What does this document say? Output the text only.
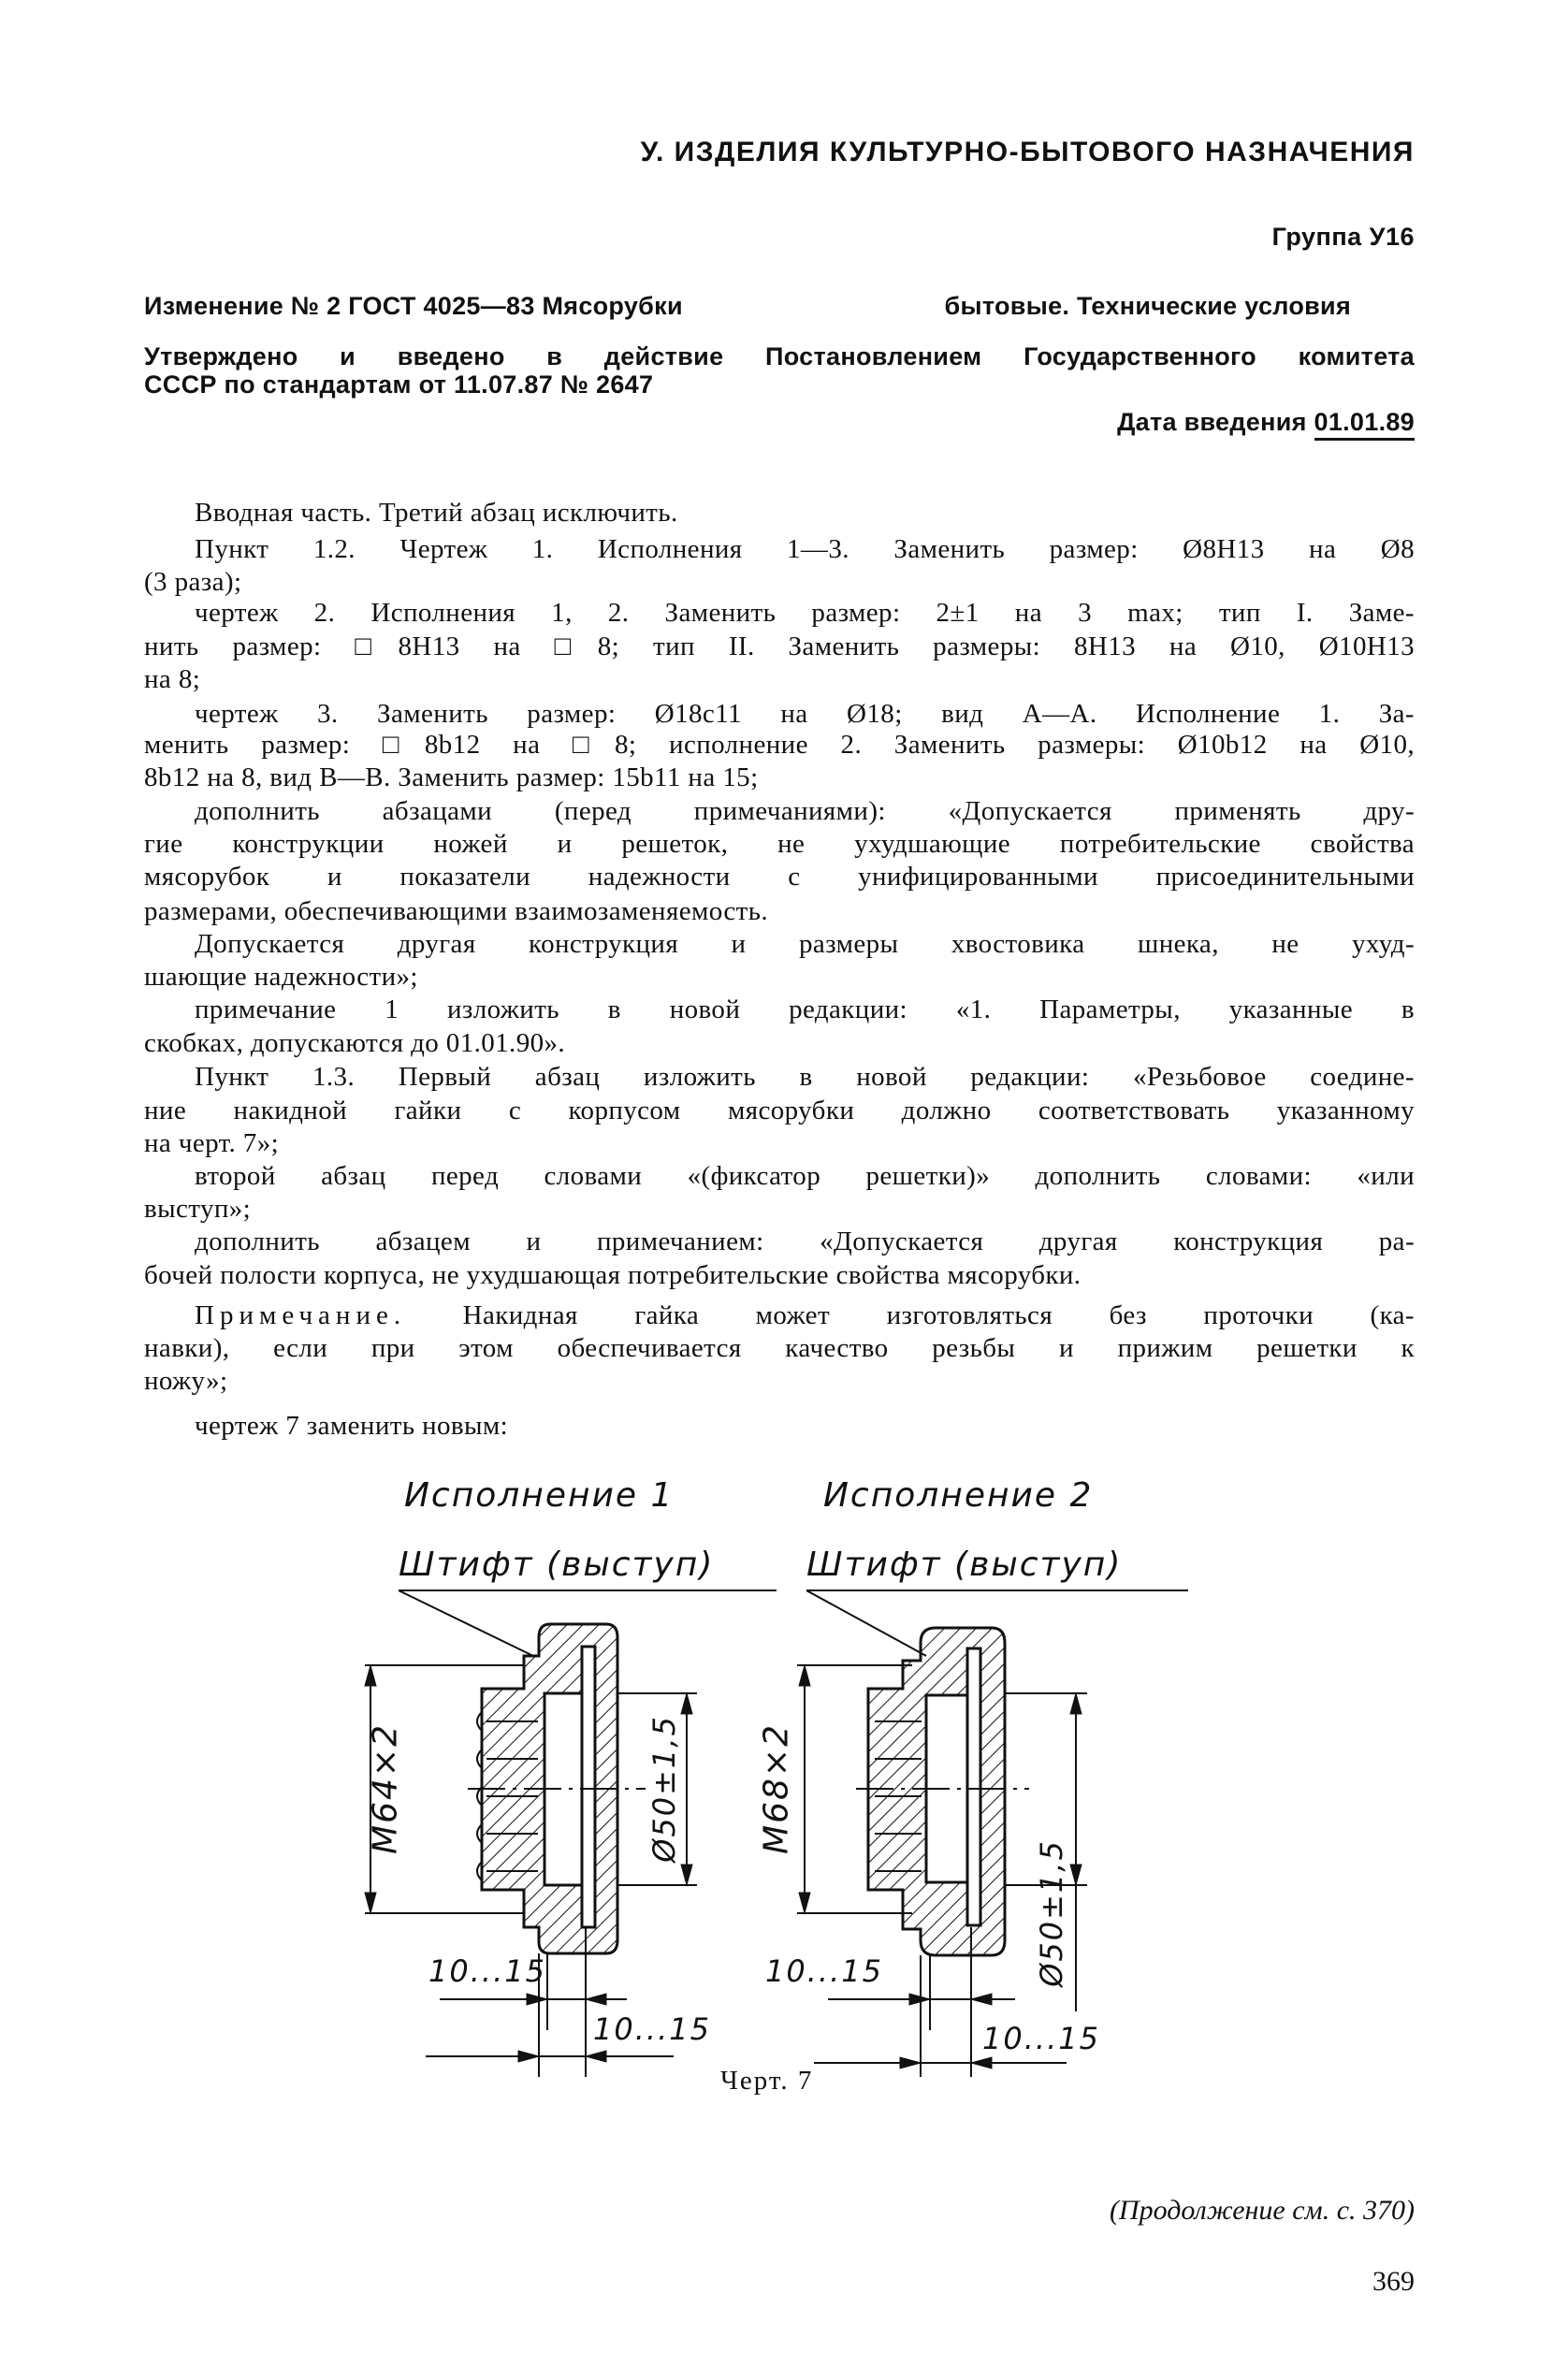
У. ИЗДЕЛИЯ КУЛЬТУРНО-БЫТОВОГО НАЗНАЧЕНИЯ
Группа У16
Изменение № 2 ГОСТ 4025—83 Мясорубки	бытовые. Технические условия
Утверждено и введено в действие Постановлением Государственного комитета
СССР по стандартам от 11.07.87 № 2647
Дата введения 01.01.89
Вводная часть. Третий абзац исключить.
Пункт 1.2. Чертеж 1. Исполнения 1—3. Заменить размер: Ø8H13 на Ø8
(3 раза);
чертеж 2. Исполнения 1, 2. Заменить размер: 2±1 на 3 max; тип I. Заме-
нить размер: □8H13 на □8; тип II. Заменить размеры: 8H13 на Ø10, Ø10H13
на 8;
чертеж 3. Заменить размер: Ø18c11 на Ø18; вид А—А. Исполнение 1. За-
менить размер: □8b12 на □8; исполнение 2. Заменить размеры: Ø10b12 на Ø10,
8b12 на 8, вид В—В. Заменить размер: 15b11 на 15;
дополнить абзацами (перед примечаниями): «Допускается применять дру-
гие конструкции ножей и решеток, не ухудшающие потребительские свойства
мясорубок и показатели надежности с унифицированными присоединительными
размерами, обеспечивающими взаимозаменяемость.
Допускается другая конструкция и размеры хвостовика шнека, не ухуд-
шающие надежности»;
примечание 1 изложить в новой редакции: «1. Параметры, указанные в
скобках, допускаются до 01.01.90».
Пункт 1.3. Первый абзац изложить в новой редакции: «Резьбовое соедине-
ние накидной гайки с корпусом мясорубки должно соответствовать указанному
на черт. 7»;
второй абзац перед словами «(фиксатор решетки)» дополнить словами: «или
выступ»;
дополнить абзацем и примечанием: «Допускается другая конструкция ра-
бочей полости корпуса, не ухудшающая потребительские свойства мясорубки.
Примечание. Накидная гайка может изготовляться без проточки (ка-
навки), если при этом обеспечивается качество резьбы и прижим решетки к
ножу»;
чертеж 7 заменить новым:
Исполнение 1	Исполнение 2
Штифт (выступ)	Штифт (выступ)
M64×2	Ø50±1,5 M68×2
Ø50±1,5
10...15
10...15
10...15
10...15
Черт. 7
(Продолжение см. с. 370)
369
